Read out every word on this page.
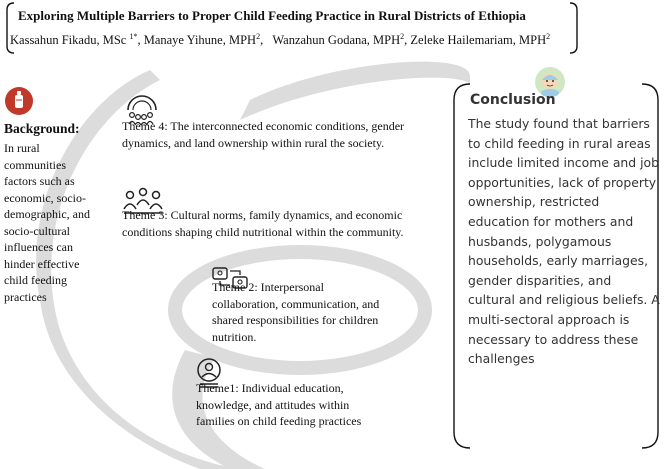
Exploring Multiple Barriers to Proper Child Feeding Practice in Rural Districts of Ethiopia
Kassahun Fikadu, MSc $^{1*}$, Manaye Yihune, MPH$^2$,   Wanzahun Godana, MPH$^2$, Zeleke Hailemariam, MPH$^2$
Background:
In rural communities factors such as economic, socio-demographic, and socio-cultural influences can hinder effective child feeding practices
Theme 4: The interconnected economic conditions, gender dynamics, and land ownership within rural the society.
Theme 3: Cultural norms, family dynamics, and economic conditions shaping child nutritional within the community.
Theme 2: Interpersonal collaboration, communication, and shared responsibilities for children nutrition.
Theme1: Individual education, knowledge, and attitudes within families on child feeding practices
Conclusion
The study found that barriers to child feeding in rural areas include limited income and job opportunities, lack of property ownership, restricted education for mothers and husbands, polygamous households, early marriages, gender disparities, and cultural and religious beliefs. A multi-sectoral approach is necessary to address these challenges
